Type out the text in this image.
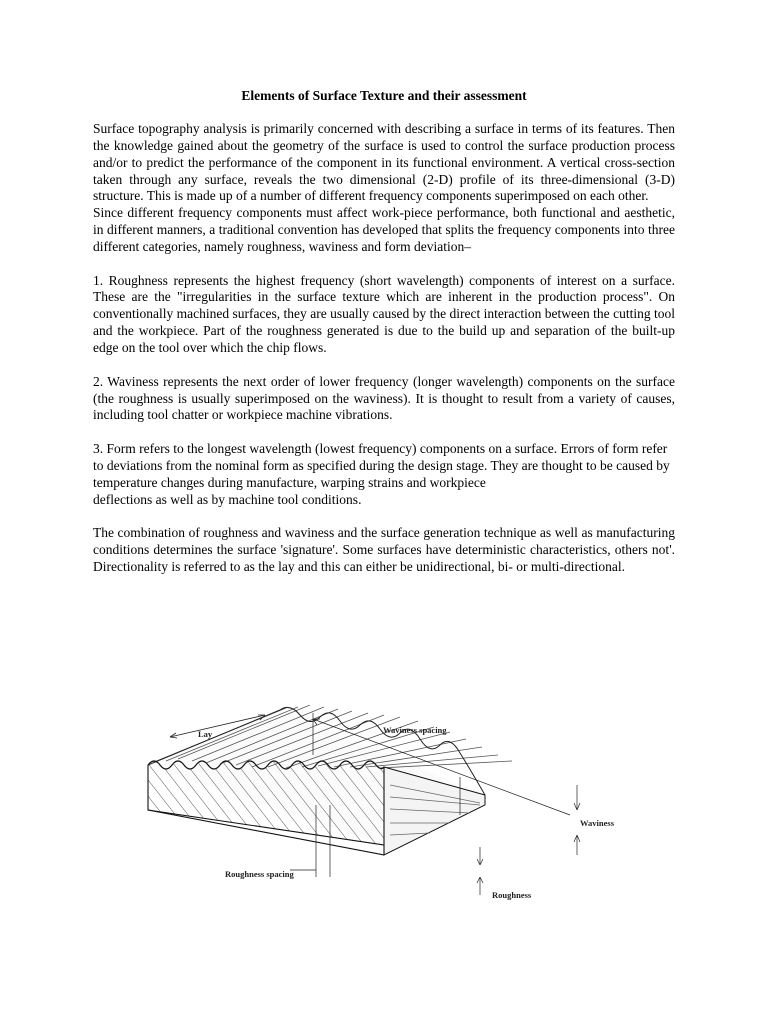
Elements of Surface Texture and their assessment

Surface topography analysis is primarily concerned with describing a surface in terms of its features. Then the knowledge gained about the geometry of the surface is used to control the surface production process and/or to predict the performance of the component in its functional environment. A vertical cross-section taken through any surface, reveals the two dimensional (2-D) profile of its three-dimensional (3-D) structure. This is made up of a number of different frequency components superimposed on each other.

Since different frequency components must affect work-piece performance, both functional and aesthetic, in different manners, a traditional convention has developed that splits the frequency components into three different categories, namely roughness, waviness and form deviation–

1. Roughness represents the highest frequency (short wavelength) components of interest on a surface. These are the "irregularities in the surface texture which are inherent in the production process". On conventionally machined surfaces, they are usually caused by the direct interaction between the cutting tool and the workpiece. Part of the roughness generated is due to the build up and separation of the built-up edge on the tool over which the chip flows.

2. Waviness represents the next order of lower frequency (longer wavelength) components on the surface (the roughness is usually superimposed on the waviness). It is thought to result from a variety of causes, including tool chatter or workpiece machine vibrations.

3. Form refers to the longest wavelength (lowest frequency) components on a surface. Errors of form refer to deviations from the nominal form as specified during the design stage. They are thought to be caused by temperature changes during manufacture, warping strains and workpiece

deflections as well as by machine tool conditions.

The combination of roughness and waviness and the surface generation technique as well as manufacturing conditions determines the surface 'signature'. Some surfaces have deterministic characteristics, others not'. Directionality is referred to as the lay and this can either be unidirectional, bi- or multi-directional.

Lay	Waviness spacing
Waviness
Roughness spacing
Roughness
